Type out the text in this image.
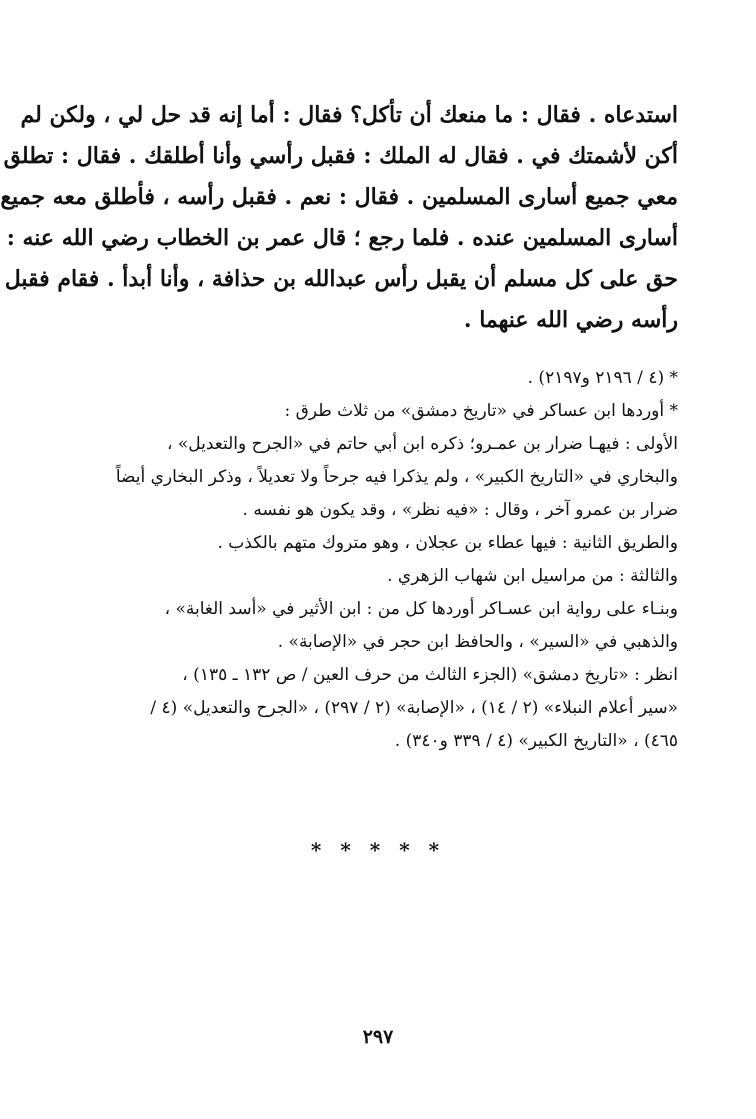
استدعاه . فقال : ما منعك أن تأكل؟ فقال : أما إنه قد حل لي ، ولكن لم
أكن لأشمتك في . فقال له الملك : فقبل رأسي وأنا أطلقك . فقال : تطلق
معي جميع أسارى المسلمين . فقال : نعم . فقبل رأسه ، فأطلق معه جميع
أسارى المسلمين عنده . فلما رجع ؛ قال عمر بن الخطاب رضي الله عنه :
حق على كل مسلم أن يقبل رأس عبدالله بن حذافة ، وأنا أبدأ . فقام فقبل
رأسه رضي الله عنهما .
* (٤ / ٢١٩٦ و٢١٩٧) .
* أوردها ابن عساكر في «تاريخ دمشق» من ثلاث طرق :
الأولى : فيهـا ضرار بن عمـرو؛ ذكره ابن أبي حاتم في «الجرح والتعديل» ،
والبخاري في «التاريخ الكبير» ، ولم يذكرا فيه جرحاً ولا تعديلاً ، وذكر البخاري أيضاً
ضرار بن عمرو آخر ، وقال : «فيه نظر» ، وقد يكون هو نفسه .
والطريق الثانية : فيها عطاء بن عجلان ، وهو متروك متهم بالكذب .
والثالثة : من مراسيل ابن شهاب الزهري .
وبنـاء على رواية ابن عسـاكر أوردها كل من : ابن الأثير في «أسد الغابة» ،
والذهبي في «السير» ، والحافظ ابن حجر في «الإصابة» .
انظر : «تاريخ دمشق» (الجزء الثالث من حرف العين / ص ١٣٢ ـ ١٣٥) ،
«سير أعلام النبلاء» (٢ / ١٤) ، «الإصابة» (٢ / ٢٩٧) ، «الجرح والتعديل» (٤ /
٤٦٥) ، «التاريخ الكبير» (٤ / ٣٣٩ و٣٤٠) .
* * * * *
٢٩٧
